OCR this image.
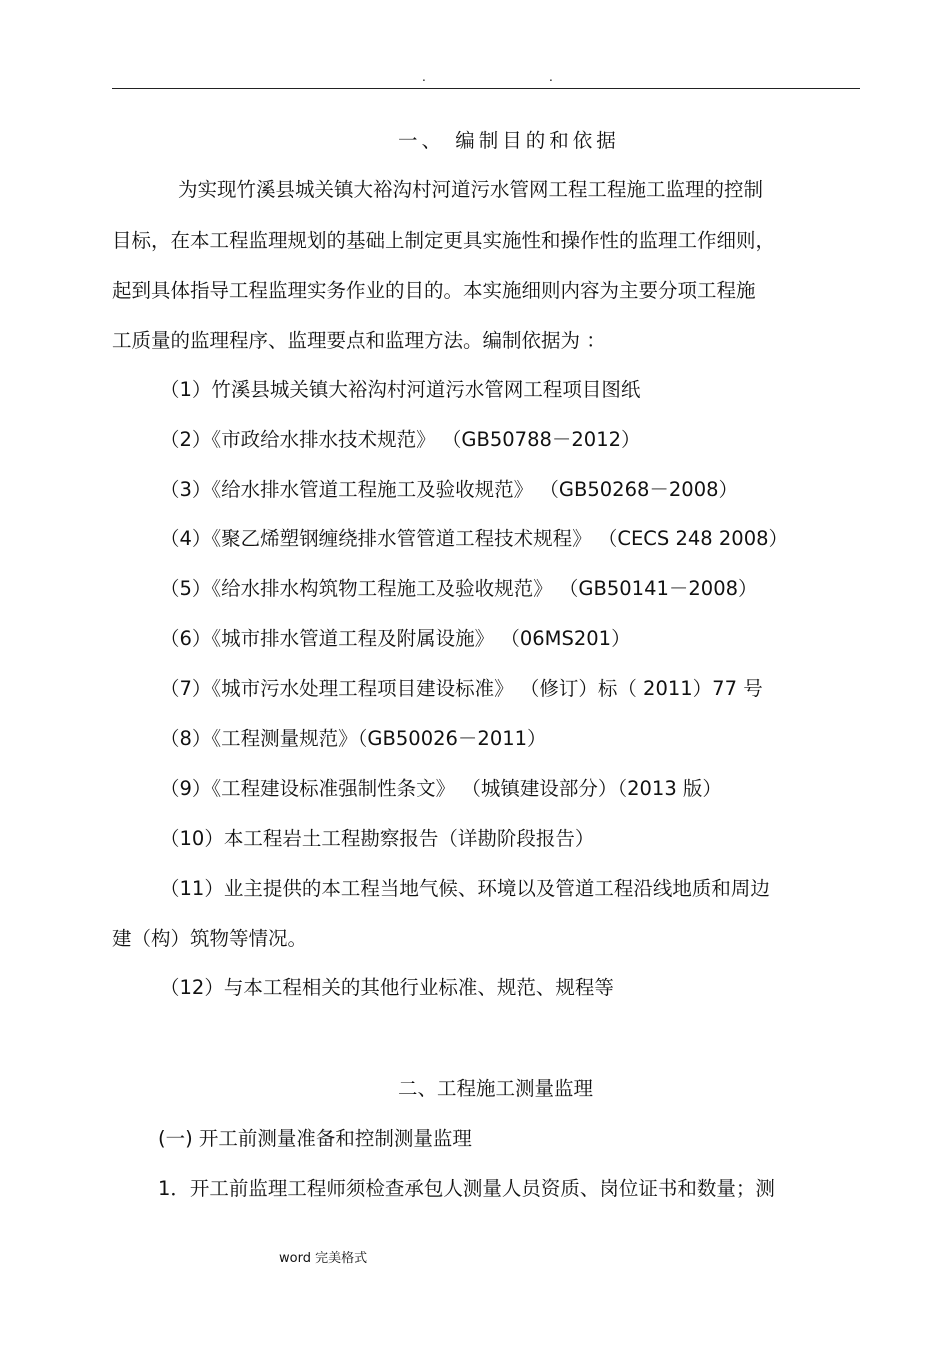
.	.
一、 编制目的和依据
为实现竹溪县城关镇大裕沟村河道污水管网工程工程施工监理的控制
目标，在本工程监理规划的基础上制定更具实施性和操作性的监理工作细则，
起到具体指导工程监理实务作业的目的。本实施细则内容为主要分项工程施
工质量的监理程序、监理要点和监理方法。编制依据为 ：
（1）竹溪县城关镇大裕沟村河道污水管网工程项目图纸
（2）《市政给水排水技术规范》 （GB50788－2012）
（3）《给水排水管道工程施工及验收规范》 （GB50268－2008）
（4）《聚乙烯塑钢缠绕排水管管道工程技术规程》 （CECS 248 2008）
（5）《给水排水构筑物工程施工及验收规范》 （GB50141－2008）
（6）《城市排水管道工程及附属设施》 （06MS201）
（7）《城市污水处理工程项目建设标准》 （修订）标（ 2011）77 号
（8）《工程测量规范》（GB50026－2011）
（9）《工程建设标准强制性条文》 （城镇建设部分）（2013 版）
（10）本工程岩土工程勘察报告（详勘阶段报告）
（11）业主提供的本工程当地气候、环境以及管道工程沿线地质和周边
建（构）筑物等情况。
（12）与本工程相关的其他行业标准、规范、规程等
二、工程施工测量监理
(一) 开工前测量准备和控制测量监理
1．开工前监理工程师须检查承包人测量人员资质、岗位证书和数量；测
word 完美格式
